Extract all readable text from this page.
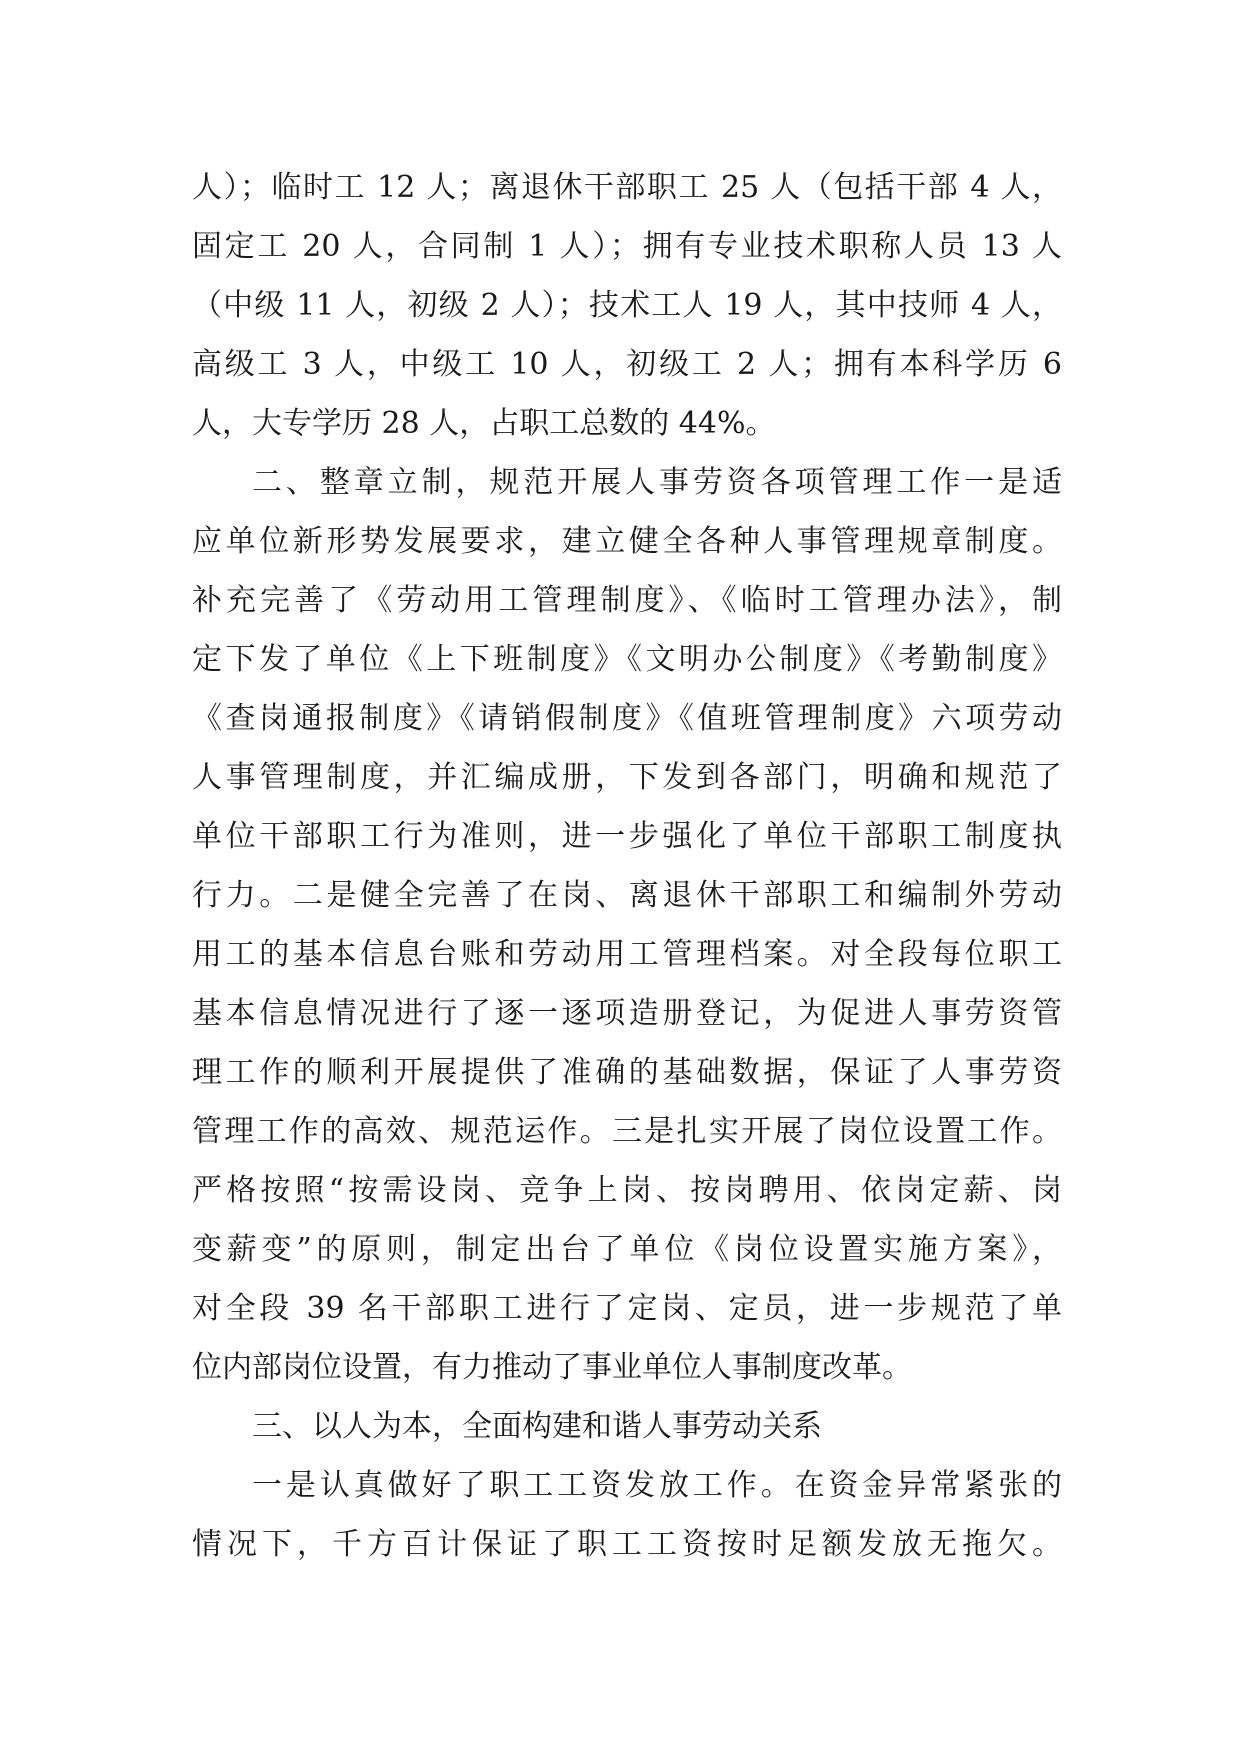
人）；临时工 12 人；离退休干部职工 25 人（包括干部 4 人，
固定工 20 人，合同制 1 人）；拥有专业技术职称人员 13 人
（中级 11 人，初级 2 人）；技术工人 19 人，其中技师 4 人，
高级工 3 人，中级工 10 人，初级工 2 人；拥有本科学历 6
人，大专学历 28 人，占职工总数的 44%。
二、整章立制，规范开展人事劳资各项管理工作一是适
应单位新形势发展要求，建立健全各种人事管理规章制度。
补充完善了《劳动用工管理制度》、《临时工管理办法》，制
定下发了单位《上下班制度》《文明办公制度》《考勤制度》
《查岗通报制度》《请销假制度》《值班管理制度》六项劳动
人事管理制度，并汇编成册，下发到各部门，明确和规范了
单位干部职工行为准则，进一步强化了单位干部职工制度执
行力。二是健全完善了在岗、离退休干部职工和编制外劳动
用工的基本信息台账和劳动用工管理档案。对全段每位职工
基本信息情况进行了逐一逐项造册登记，为促进人事劳资管
理工作的顺利开展提供了准确的基础数据，保证了人事劳资
管理工作的高效、规范运作。三是扎实开展了岗位设置工作。
严格按照“按需设岗、竞争上岗、按岗聘用、依岗定薪、岗
变薪变”的原则，制定出台了单位《岗位设置实施方案》，
对全段 39 名干部职工进行了定岗、定员，进一步规范了单
位内部岗位设置，有力推动了事业单位人事制度改革。
三、以人为本，全面构建和谐人事劳动关系
一是认真做好了职工工资发放工作。在资金异常紧张的
情况下，千方百计保证了职工工资按时足额发放无拖欠。
